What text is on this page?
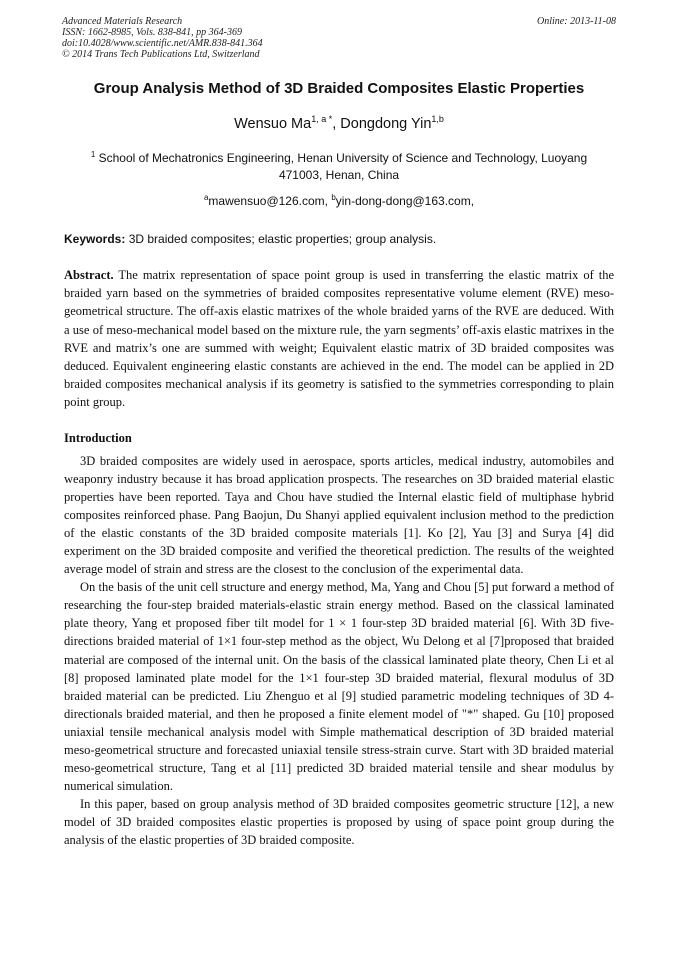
Advanced Materials Research
ISSN: 1662-8985, Vols. 838-841, pp 364-369
doi:10.4028/www.scientific.net/AMR.838-841.364
© 2014 Trans Tech Publications Ltd, Switzerland
Online: 2013-11-08
Group Analysis Method of 3D Braided Composites Elastic Properties
Wensuo $Ma^{1, a *}$, Dongdong Yin$^{1,b}$
$^1$ School of Mechatronics Engineering, Henan University of Science and Technology, Luoyang 471003, Henan, China
$^a$mawensuo@126.com, $^b$yin-dong-dong@163.com,
Keywords: 3D braided composites; elastic properties; group analysis.
Abstract. The matrix representation of space point group is used in transferring the elastic matrix of the braided yarn based on the symmetries of braided composites representative volume element (RVE) meso-geometrical structure. The off-axis elastic matrixes of the whole braided yarns of the RVE are deduced. With a use of meso-mechanical model based on the mixture rule, the yarn segments’ off-axis elastic matrixes in the RVE and matrix’s one are summed with weight; Equivalent elastic matrix of 3D braided composites was deduced. Equivalent engineering elastic constants are achieved in the end. The model can be applied in 2D braided composites mechanical analysis if its geometry is satisfied to the symmetries corresponding to plain point group.
Introduction

3D braided composites are widely used in aerospace, sports articles, medical industry, automobiles and weaponry industry because it has broad application prospects. The researches on 3D braided material elastic properties have been reported. Taya and Chou have studied the Internal elastic field of multiphase hybrid composites reinforced phase. Pang Baojun, Du Shanyi applied equivalent inclusion method to the prediction of the elastic constants of the 3D braided composite materials [1]. Ko [2], Yau [3] and Surya [4] did experiment on the 3D braided composite and verified the theoretical prediction. The results of the weighted average model of strain and stress are the closest to the conclusion of the experimental data.

On the basis of the unit cell structure and energy method, Ma, Yang and Chou [5] put forward a method of researching the four-step braided materials-elastic strain energy method. Based on the classical laminated plate theory, Yang et proposed fiber tilt model for 1 × 1 four-step 3D braided material [6]. With 3D five-directions braided material of 1×1 four-step method as the object, Wu Delong et al [7]proposed that braided material are composed of the internal unit. On the basis of the classical laminated plate theory, Chen Li et al [8] proposed laminated plate model for the 1×1 four-step 3D braided material, flexural modulus of 3D braided material can be predicted. Liu Zhenguo et al [9] studied parametric modeling techniques of 3D 4-directionals braided material, and then he proposed a finite element model of "*" shaped. Gu [10] proposed uniaxial tensile mechanical analysis model with Simple mathematical description of 3D braided material meso-geometrical structure and forecasted uniaxial tensile stress-strain curve. Start with 3D braided material meso-geometrical structure, Tang et al [11] predicted 3D braided material tensile and shear modulus by numerical simulation.

In this paper, based on group analysis method of 3D braided composites geometric structure [12], a new model of 3D braided composites elastic properties is proposed by using of space point group during the analysis of the elastic properties of 3D braided composite.
